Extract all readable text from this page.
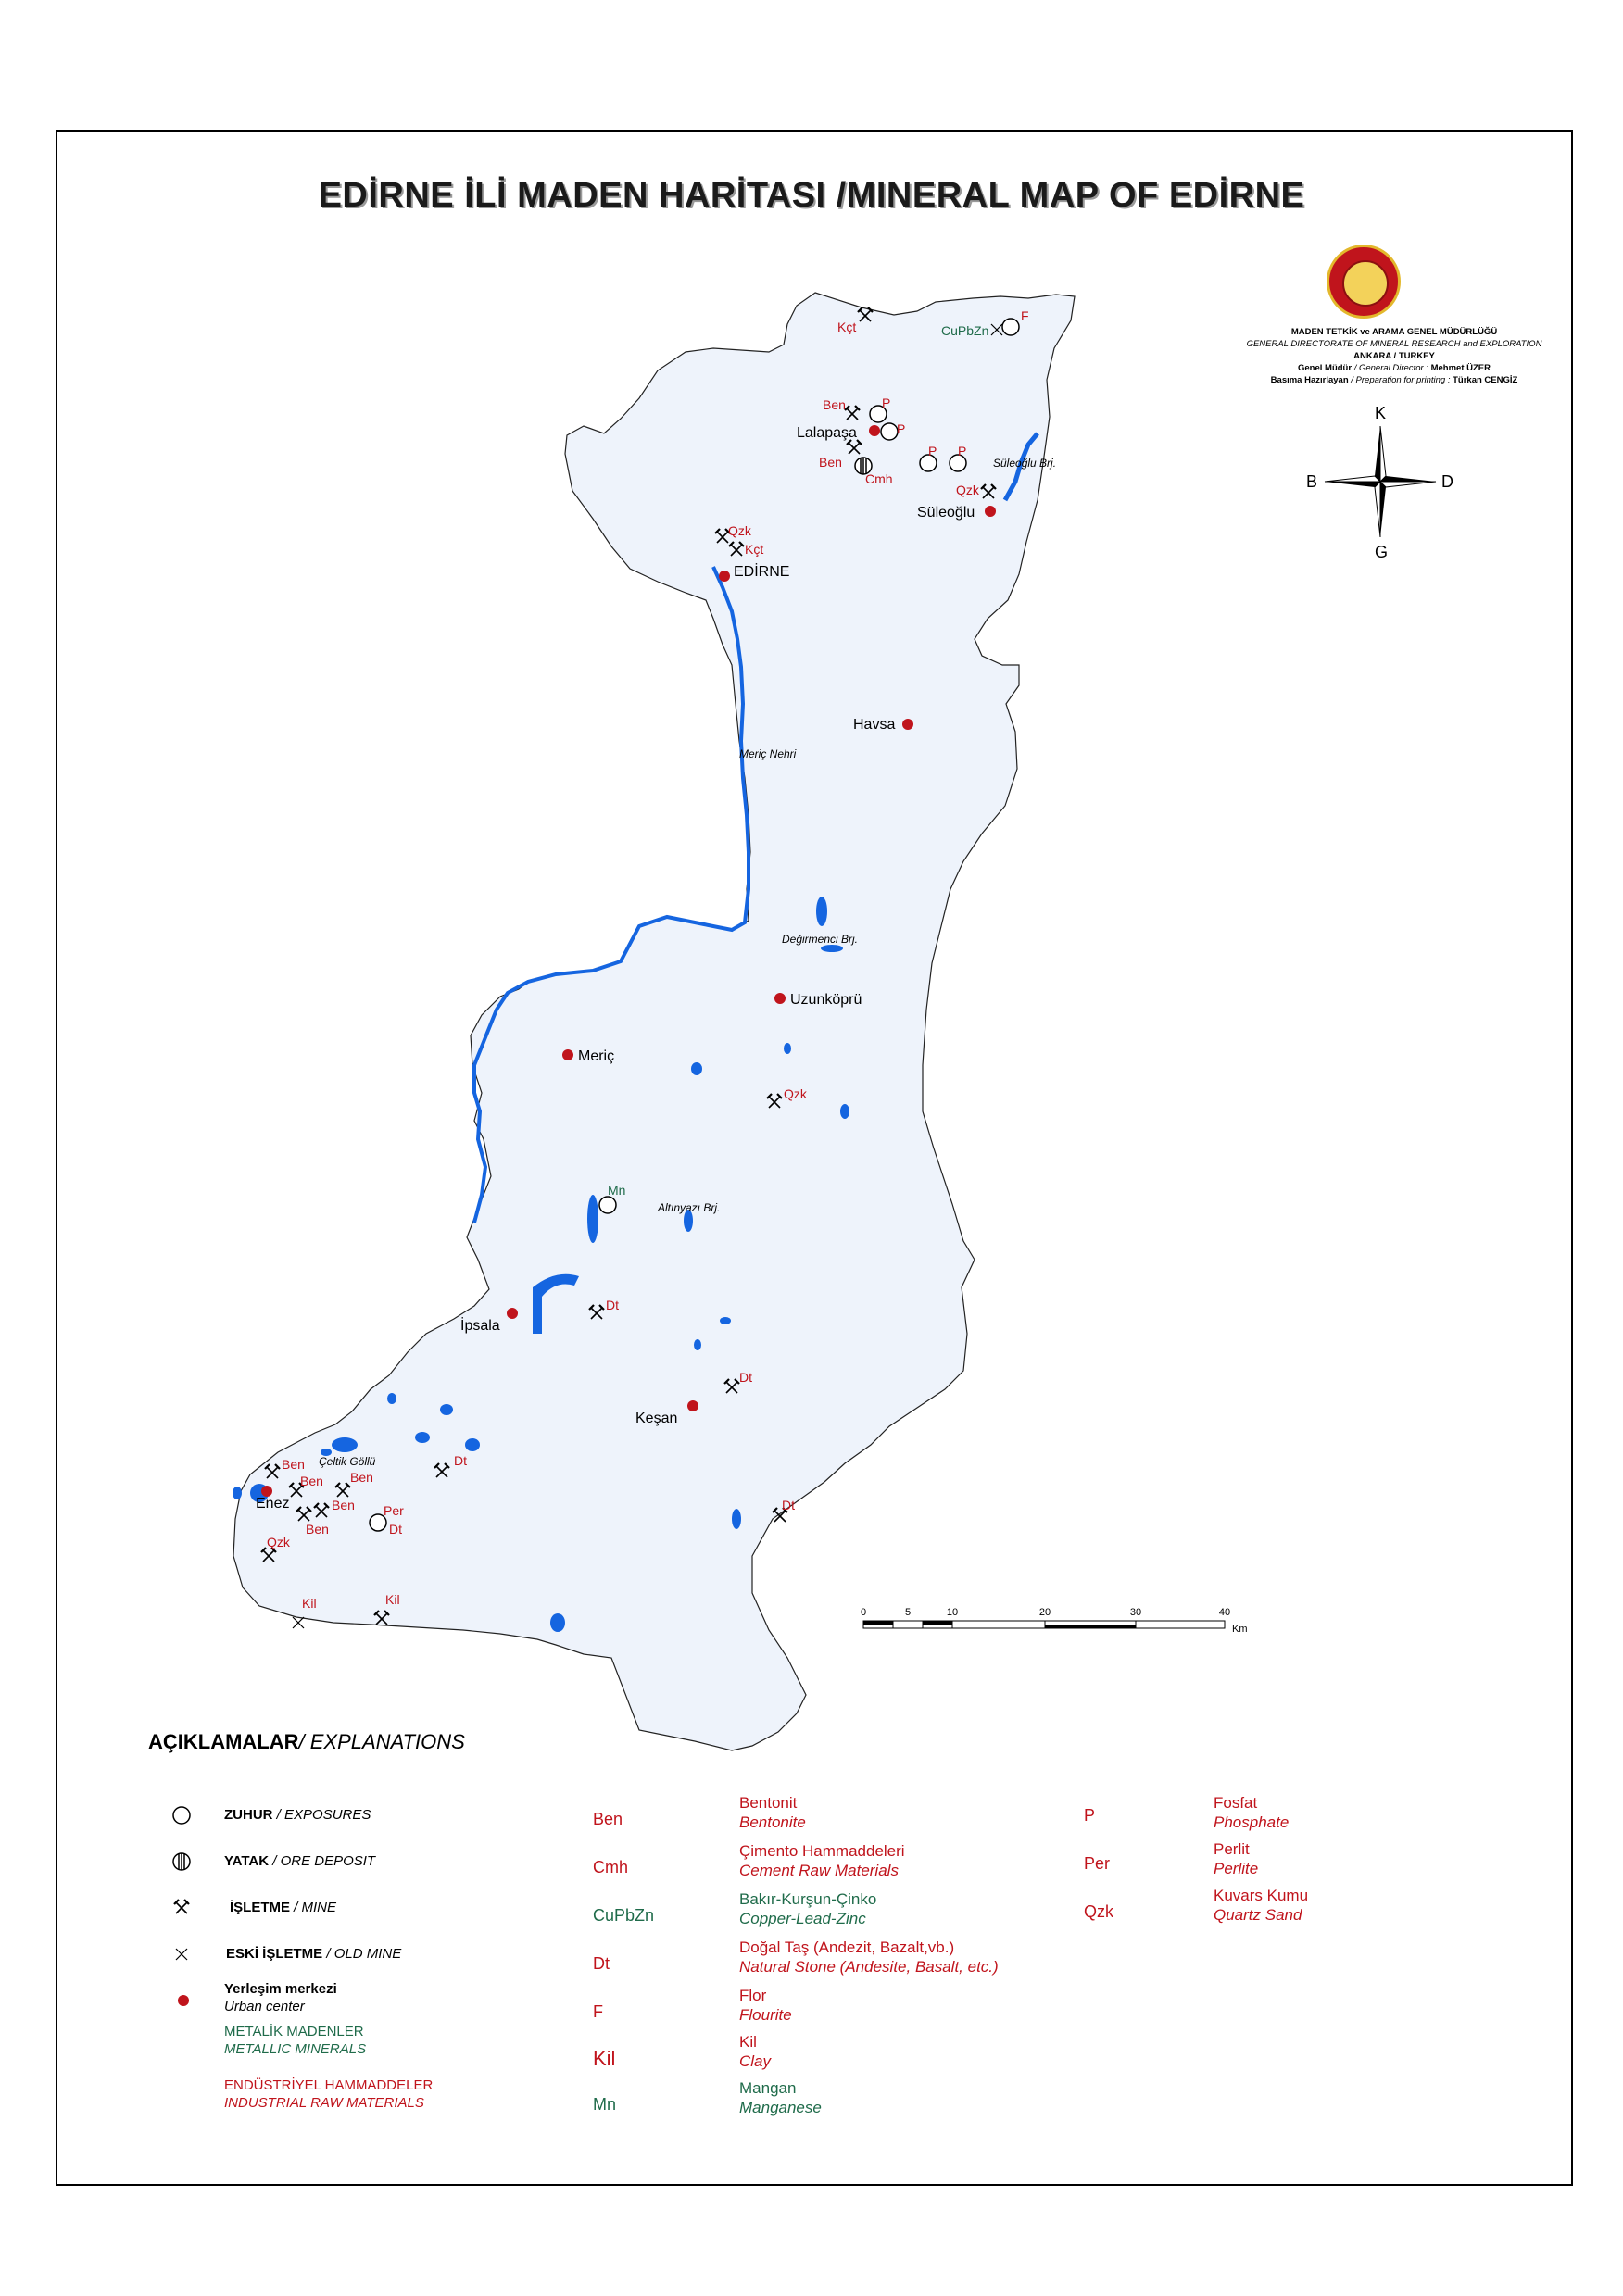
EDİRNE İLİ MADEN HARİTASI /MINERAL MAP OF EDİRNE
MADEN TETKİK ve ARAMA GENEL MÜDÜRLÜĞÜ
GENERAL DIRECTORATE OF MINERAL RESEARCH and EXPLORATION
ANKARA / TURKEY
Genel Müdür / General Director : Mehmet ÜZER
Basıma Hazırlayan / Preparation for printing : Türkan CENGİZ
EDİRNE
Lalapaşa
Süleoğlu
Havsa
Uzunköprü
Meriç
İpsala
Keşan
Enez
Meriç Nehri
Süleoğlu Brj.
Değirmenci Brj.
Altınyazı Brj.
Çeltik Göllü
Kçt	CuPbZn
F
Ben	P
P
P P
Ben
Cmh
Qzk
Qzk
Kçt
Qzk
Mn
Dt
Dt
Dt
Ben
Ben Ben
Ben Per
Ben	Dt
Dt
Qzk
Kil	Kil
K
G
D
B
0	5	10	20	30	40
Km
AÇIKLAMALAR/ EXPLANATIONS
ZUHUR / EXPOSURES
YATAK / ORE DEPOSIT
İŞLETME / MINE
ESKİ İŞLETME / OLD MINE
Yerleşim merkezi
Urban center
METALİK MADENLER
METALLIC MINERALS
ENDÜSTRİYEL HAMMADDELER
INDUSTRIAL RAW MATERIALS
Ben
Bentonit
Bentonite
Cmh
Çimento Hammaddeleri
Cement Raw Materials
CuPbZn
Bakır-Kurşun-Çinko
Copper-Lead-Zinc
Dt
Doğal Taş (Andezit, Bazalt,vb.)
Natural Stone (Andesite, Basalt, etc.)
F
Flor
Flourite
Kil
Kil
Clay
Mn
Mangan
Manganese
P
Fosfat
Phosphate
Per
Perlit
Perlite
Qzk
Kuvars Kumu
Quartz Sand
